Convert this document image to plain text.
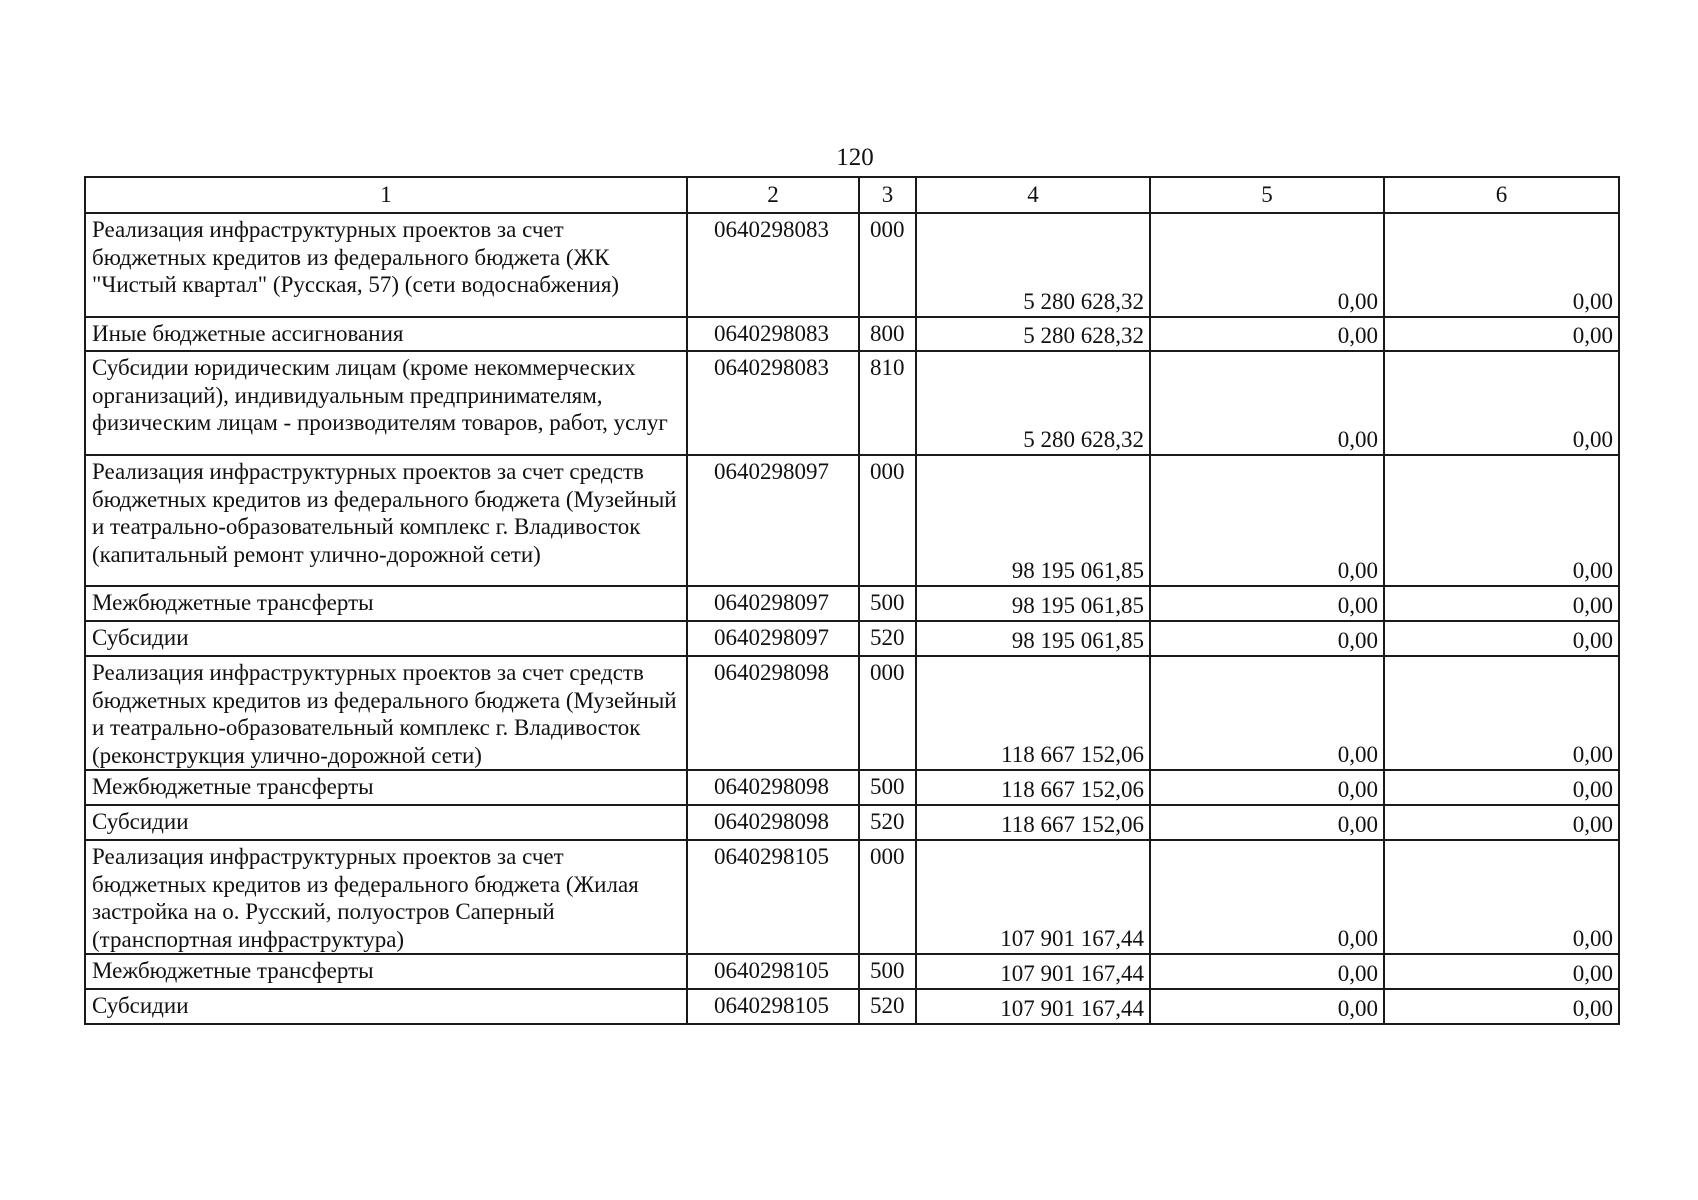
120
1	2	3	4	5	6
Реализация инфраструктурных проектов за счет бюджетных кредитов из федерального бюджета (ЖК "Чистый квартал" (Русская, 57) (сети водоснабжения)	0640298083	000	5 280 628,32	0,00	0,00
Иные бюджетные ассигнования	0640298083	800	5 280 628,32	0,00	0,00
Субсидии юридическим лицам (кроме некоммерческих организаций), индивидуальным предпринимателям, физическим лицам - производителям товаров, работ, услуг	0640298083	810	5 280 628,32	0,00	0,00
Реализация инфраструктурных проектов за счет средств бюджетных кредитов из федерального бюджета (Музейный и театрально-образовательный комплекс г. Владивосток (капитальный ремонт улично-дорожной сети)	0640298097	000	98 195 061,85	0,00	0,00
Межбюджетные трансферты	0640298097	500	98 195 061,85	0,00	0,00
Субсидии	0640298097	520	98 195 061,85	0,00	0,00
Реализация инфраструктурных проектов за счет средств бюджетных кредитов из федерального бюджета (Музейный и театрально-образовательный комплекс г. Владивосток (реконструкция улично-дорожной сети)	0640298098	000	118 667 152,06	0,00	0,00
Межбюджетные трансферты	0640298098	500	118 667 152,06	0,00	0,00
Субсидии	0640298098	520	118 667 152,06	0,00	0,00
Реализация инфраструктурных проектов за счет бюджетных кредитов из федерального бюджета (Жилая застройка на о. Русский, полуостров Саперный (транспортная инфраструктура)	0640298105	000	107 901 167,44	0,00	0,00
Межбюджетные трансферты	0640298105	500	107 901 167,44	0,00	0,00
Субсидии	0640298105	520	107 901 167,44	0,00	0,00
